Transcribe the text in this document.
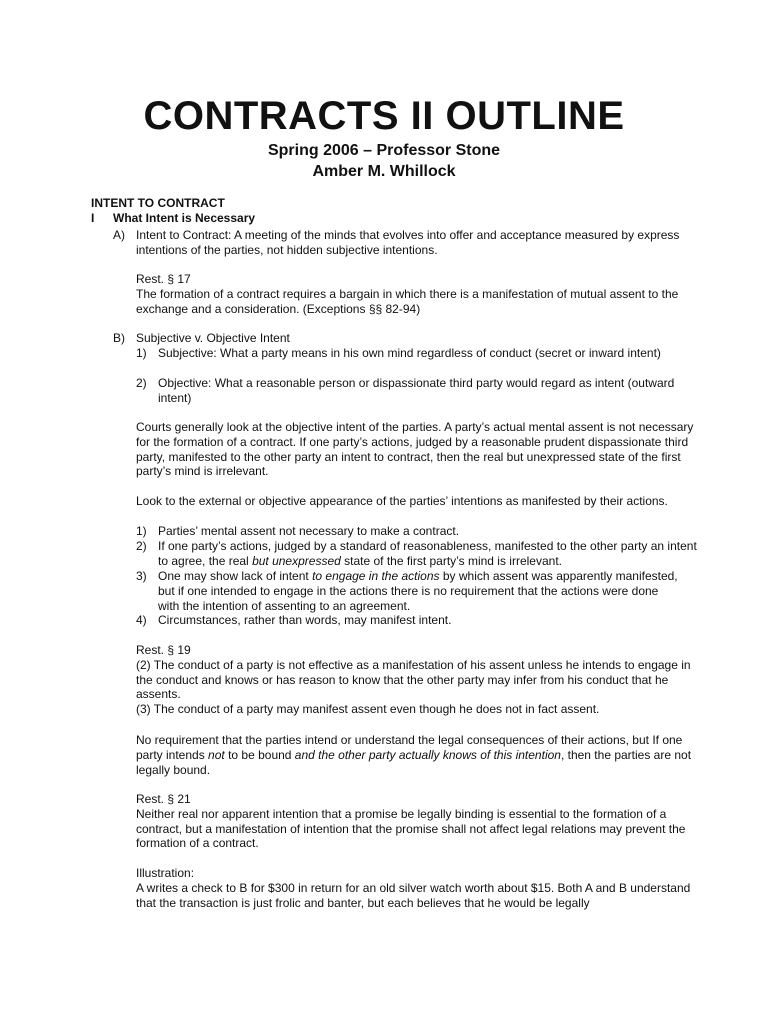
CONTRACTS II OUTLINE
Spring 2006 – Professor Stone
Amber M. Whillock
INTENT TO CONTRACT
I What Intent is Necessary
A) Intent to Contract: A meeting of the minds that evolves into offer and acceptance measured by express intentions of the parties, not hidden subjective intentions.

Rest. § 17

The formation of a contract requires a bargain in which there is a manifestation of mutual assent to the exchange and a consideration. (Exceptions §§ 82-94)

B) Subjective v. Objective Intent

1) Subjective: What a party means in his own mind regardless of conduct (secret or inward intent)

2) Objective: What a reasonable person or dispassionate third party would regard as intent (outward intent)

Courts generally look at the objective intent of the parties. A party’s actual mental assent is not necessary for the formation of a contract. If one party’s actions, judged by a reasonable prudent dispassionate third party, manifested to the other party an intent to contract, then the real but unexpressed state of the first party’s mind is irrelevant.

Look to the external or objective appearance of the parties’ intentions as manifested by their actions.

1) Parties’ mental assent not necessary to make a contract.

2) If one party’s actions, judged by a standard of reasonableness, manifested to the other party an intent to agree, the real but unexpressed state of the first party’s mind is irrelevant.

3) One may show lack of intent to engage in the actions by which assent was apparently manifested, but if one intended to engage in the actions there is no requirement that the actions were done with the intention of assenting to an agreement.

4) Circumstances, rather than words, may manifest intent.

Rest. § 19

(2) The conduct of a party is not effective as a manifestation of his assent unless he intends to engage in the conduct and knows or has reason to know that the other party may infer from his conduct that he assents.

(3) The conduct of a party may manifest assent even though he does not in fact assent.

No requirement that the parties intend or understand the legal consequences of their actions, but If one party intends not to be bound and the other party actually knows of this intention, then the parties are not legally bound.

Rest. § 21

Neither real nor apparent intention that a promise be legally binding is essential to the formation of a contract, but a manifestation of intention that the promise shall not affect legal relations may prevent the formation of a contract.

Illustration:

A writes a check to B for $300 in return for an old silver watch worth about $15. Both A and B understand that the transaction is just frolic and banter, but each believes that he would be legally
